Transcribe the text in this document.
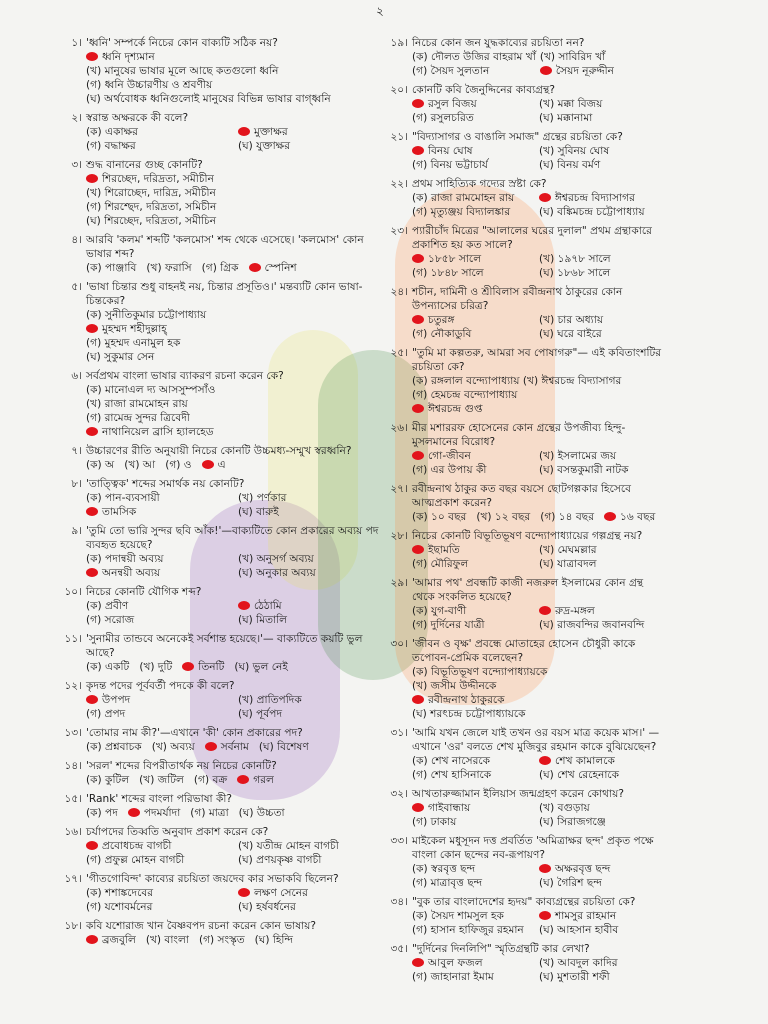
২
১। 'ধ্বনি' সম্পর্কে নিচের কোন বাক্যটি সঠিক নয়?
ধ্বনি দৃশ্যমান
(খ) মানুষের ভাষার মূলে আছে কতগুলো ধ্বনি
(গ) ধ্বনি উচ্চারণীয় ও শ্রবণীয়
(ঘ) অর্থবোধক ধ্বনিগুলোই মানুষের বিভিন্ন ভাষার বাগ্‌ধ্বনি
২। স্বরান্ত অক্ষরকে কী বলে?
(ক) একাক্ষর	মুক্তাক্ষর
(গ) বদ্ধাক্ষর	(ঘ) যুক্তাক্ষর
৩। শুদ্ধ বানানের গুচ্ছ কোনটি?
শিরচ্ছেদ, দরিদ্রতা, সমীচীন
(খ) শিরোচ্ছেদ, দারিদ্র, সমীচীন
(গ) শিরশ্ছেদ, দরিদ্রতা, সমিচীন
(ঘ) শিরচ্ছেদ, দরিদ্রতা, সমীচিন
৪। আরবি 'কলম' শব্দটি 'কলমোস' শব্দ থেকে এসেছে। 'কলমোস' কোন ভাষার শব্দ?
(ক) পাঞ্জাবি (খ) ফরাসি (গ) গ্রিক	স্পেনিশ
৫। 'ভাষা চিন্তার শুধু বাহনই নয়, চিন্তার প্রসূতিও।' মন্তব্যটি কোন ভাষা-চিন্তকের?
(ক) সুনীতিকুমার চট্টোপাধ্যায়
মুহম্মদ শহীদুল্লাহ্‌
(গ) মুহম্মদ এনামুল হক
(ঘ) সুকুমার সেন
৬। সর্বপ্রথম বাংলা ভাষার ব্যাকরণ রচনা করেন কে?
(ক) মানোএল দ্য আসসুম্পসাঁও
(খ) রাজা রামমোহন রায়
(গ) রামেন্দ্র সুন্দর ত্রিবেদী
নাথানিয়েল ব্রাসি হ্যালহেড
৭। উচ্চারণের রীতি অনুযায়ী নিচের কোনটি উচ্চমধ্য-সম্মুখ স্বরধ্বনি?
(ক) অ (খ) আ (গ) ও	এ
৮। 'তাত্ত্বিক' শব্দের সমার্থক নয় কোনটি?
(ক) পান-ব্যবসায়ী	(খ) পর্ণকার
তামসিক	(ঘ) বারুই
৯। 'তুমি তো ভারি সুন্দর ছবি আঁক!'—বাক্যটিতে কোন প্রকারের অব্যয় পদ ব্যবহৃত হয়েছে?
(ক) পদান্বয়ী অব্যয়	(খ) অনুসর্গ অব্যয়
অনন্বয়ী অব্যয়	(ঘ) অনুকার অব্যয়
১০। নিচের কোনটি যৌগিক শব্দ?
(ক) প্রবীণ	ঠেঠামি
(গ) সরোজ	(ঘ) মিতালি
১১। 'সুনামীর তান্ডবে অনেকেই সর্বশান্ত হয়েছে।'— বাক্যটিতে কয়টি ভুল আছে?
(ক) একটি (খ) দুটি	তিনটি (ঘ) ভুল নেই
১২। কৃদন্ত পদের পূর্ববর্তী পদকে কী বলে?
উপপদ	(খ) প্রাতিপদিক
(গ) প্রপদ	(ঘ) পূর্বপদ
১৩। 'তোমার নাম কী?'—এখানে 'কী' কোন প্রকারের পদ?
(ক) প্রশ্নবাচক (খ) অব্যয়	সর্বনাম (ঘ) বিশেষণ
১৪। 'সরল' শব্দের বিপরীতার্থক নয় নিচের কোনটি?
(ক) কুটিল (খ) জটিল (গ) বক্র	গরল
১৫। 'Rank' শব্দের বাংলা পরিভাষা কী?
(ক) পদ	পদমর্যাদা (গ) মাত্রা (ঘ) উচ্চতা
১৬। চর্যাপদের তিব্বতি অনুবাদ প্রকাশ করেন কে?
প্রবোধচন্দ্র বাগচী	(খ) যতীন্দ্র মোহন বাগচী
(গ) প্রফুল্ল মোহন বাগচী	(ঘ) প্রণয়কৃষ্ণ বাগচী
১৭। 'গীতগোবিন্দ' কাব্যের রচয়িতা জয়দেব কার সভাকবি ছিলেন?
(ক) শশাঙ্কদেবের	লক্ষণ সেনের
(গ) যশোবর্মনের	(ঘ) হর্ষবর্ধনের
১৮। কবি যশোরাজ খান বৈষ্ণবপদ রচনা করেন কোন ভাষায়?
ব্রজবুলি (খ) বাংলা (গ) সংস্কৃত (ঘ) হিন্দি
১৯। নিচের কোন জন যুদ্ধকাব্যের রচয়িতা নন?
(ক) দৌলত উজির বাহরাম খাঁ (খ) সাবিরিদ খাঁ
(গ) সৈয়দ সুলতান	সৈয়দ নূরুদ্দীন
২০। কোনটি কবি জৈনুদ্দিনের কাব্যগ্রন্থ?
রসুল বিজয়	(খ) মক্কা বিজয়
(গ) রসুলচরিত	(ঘ) মক্কানামা
২১। "বিদ্যাসাগর ও বাঙালি সমাজ" গ্রন্থের রচয়িতা কে?
বিনয় ঘোষ	(খ) সুবিনয় ঘোষ
(গ) বিনয় ভট্টাচার্য	(ঘ) বিনয় বর্মণ
২২। প্রথম সাহিত্যিক গদ্যের স্রষ্টা কে?
(ক) রাজা রামমোহন রায়	ঈশ্বরচন্দ্র বিদ্যাসাগর
(গ) মৃত্যুঞ্জয় বিদ্যালঙ্কার	(ঘ) বঙ্কিমচন্দ্র চট্টোপাধ্যায়
২৩। প্যারীচাঁদ মিত্রের "আলালের ঘরের দুলাল" প্রথম গ্রন্থাকারে প্রকাশিত হয় কত সালে?
১৮৫৮ সালে	(খ) ১৯৭৮ সালে
(গ) ১৮৪৮ সালে	(ঘ) ১৮৬৮ সালে
২৪। শচীন, দামিনী ও শ্রীবিলাস রবীন্দ্রনাথ ঠাকুরের কোন উপন্যাসের চরিত্র?
চতুরঙ্গ	(খ) চার অধ্যায়
(গ) নৌকাডুবি	(ঘ) ঘরে বাইরে
২৫। "তুমি মা কল্পতরু, আমরা সব পোষাগরু"— এই কবিতাংশটির রচয়িতা কে?
(ক) রঙ্গলাল বন্দ্যোপাধ্যায় (খ) ঈশ্বরচন্দ্র বিদ্যাসাগর
(গ) হেমচন্দ্র বন্দ্যোপাধ্যায়
ঈশ্বরচন্দ্র গুপ্ত
২৬। মীর মশাররফ হোসেনের কোন গ্রন্থের উপজীব্য হিন্দু-মুসলমানের বিরোধ?
গো-জীবন	(খ) ইসলামের জয়
(গ) এর উপায় কী	(ঘ) বসন্তকুমারী নাটক
২৭। রবীন্দ্রনাথ ঠাকুর কত বছর বয়সে ছোটগল্পকার হিসেবে আত্মপ্রকাশ করেন?
(ক) ১০ বছর (খ) ১২ বছর (গ) ১৪ বছর	১৬ বছর
২৮। নিচের কোনটি বিভূতিভূষণ বন্দ্যোপাধ্যায়ের গল্পগ্রন্থ নয়?
ইছামতি	(খ) মেঘমল্লার
(গ) মৌরিফুল	(ঘ) যাত্রাবদল
২৯। 'আমার পথ' প্রবন্ধটি কাজী নজরুল ইসলামের কোন গ্রন্থ থেকে সংকলিত হয়েছে?
(ক) যুগ-বাণী	রুদ্র-মঙ্গল
(গ) দুর্দিনের যাত্রী	(ঘ) রাজবন্দির জবানবন্দি
৩০। 'জীবন ও বৃক্ষ' প্রবন্ধে মোতাহের হোসেন চৌধুরী কাকে তপোবন-প্রেমিক বলেছেন?
(ক) বিভূতিভূষণ বন্দ্যোপাধ্যায়কে
(খ) জসীম উদ্দীনকে
রবীন্দ্রনাথ ঠাকুরকে
(ঘ) শরৎচন্দ্র চট্টোপাধ্যায়কে
৩১। 'আমি যখন জেলে যাই তখন ওর বয়স মাত্র কয়েক মাস।' —এখানে 'ওর' বলতে শেখ মুজিবুর রহমান কাকে বুঝিয়েছেন?
(ক) শেখ নাসেরকে	শেখ কামালকে
(গ) শেখ হাসিনাকে	(ঘ) শেখ রেহেনাকে
৩২। আখতারুজ্জামান ইলিয়াস জন্মগ্রহণ করেন কোথায়?
গাইবান্ধায়	(খ) বগুড়ায়
(গ) ঢাকায়	(ঘ) সিরাজগঞ্জে
৩৩। মাইকেল মধুসূদন দত্ত প্রবর্তিত 'অমিত্রাক্ষর ছন্দ' প্রকৃত পক্ষে বাংলা কোন ছন্দের নব-রূপায়ণ?
(ক) স্বরবৃত্ত ছন্দ	অক্ষরবৃত্ত ছন্দ
(গ) মাত্রাবৃত্ত ছন্দ	(ঘ) গৈরিশ ছন্দ
৩৪। "বুক তার বাংলাদেশের হৃদয়" কাব্যগ্রন্থের রচয়িতা কে?
(ক) সৈয়দ শামসুল হক	শামসুর রাহমান
(গ) হাসান হাফিজুর রহমান	(ঘ) আহসান হাবীব
৩৫। "দুর্দিনের দিনলিপি" স্মৃতিগ্রন্থটি কার লেখা?
আবুল ফজল	(খ) আবদুল কাদির
(গ) জাহানারা ইমাম	(ঘ) মুশতারী শফী
